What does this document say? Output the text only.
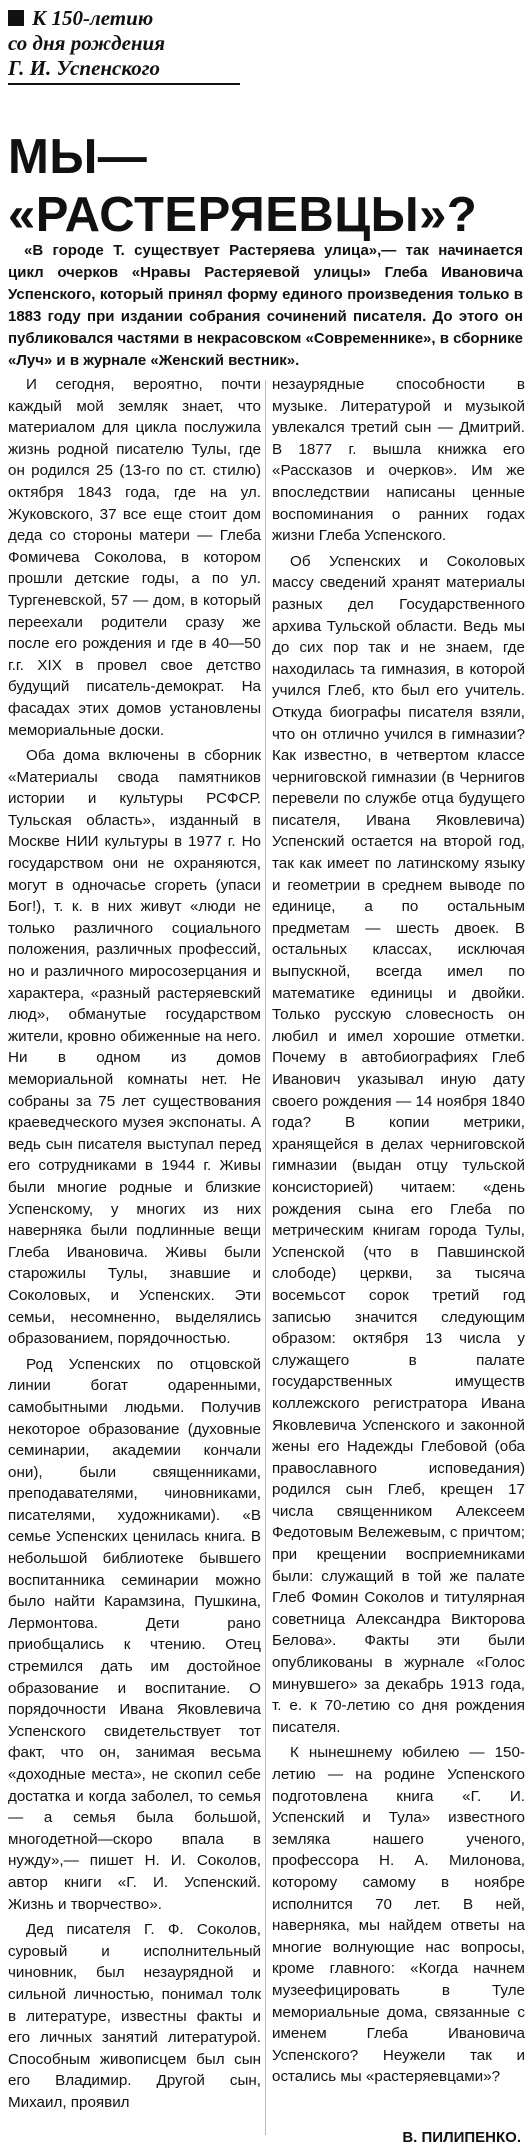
К 150-летию
со дня рождения
Г. И. Успенского
МЫ—
«РАСТЕРЯЕВЦЫ»?

«В городе Т. существует Растеряева улица»,— так начинается цикл очерков «Нравы Растеряевой улицы» Глеба Ивановича Успенского, который принял форму единого произведения только в 1883 году при издании собрания сочинений писателя. До этого он публиковался частями в некрасовском «Современнике», в сборнике «Луч» и в журнале «Женский вестник».

И сегодня, вероятно, почти каждый мой земляк знает, что материалом для цикла послужила жизнь родной писателю Тулы, где он родился 25 (13-го по ст. стилю) октября 1843 года, где на ул. Жуковского, 37 все еще стоит дом деда со стороны матери — Глеба Фомичева Соколова, в котором прошли детские годы, а по ул. Тургеневской, 57 — дом, в который переехали родители сразу же после его рождения и где в 40—50 г.г. XIX в провел свое детство будущий писатель-демократ. На фасадах этих домов установлены мемориальные доски.

Оба дома включены в сборник «Материалы свода памятников истории и культуры РСФСР. Тульская область», изданный в Москве НИИ культуры в 1977 г. Но государством они не охраняются, могут в одночасье сгореть (упаси Бог!), т. к. в них живут «люди не только различного социального положения, различных профессий, но и различного миросозерцания и характера, «разный растеряевский люд», обманутые государством жители, кровно обиженные на него. Ни в одном из домов мемориальной комнаты нет. Не собраны за 75 лет существования краеведческого музея экспонаты. А ведь сын писателя выступал перед его сотрудниками в 1944 г. Живы были многие родные и близкие Успенскому, у многих из них наверняка были подлинные вещи Глеба Ивановича. Живы были старожилы Тулы, знавшие и Соколовых, и Успенских. Эти семьи, несомненно, выделялись образованием, порядочностью.

Род Успенских по отцовской линии богат одаренными, самобытными людьми. Получив некоторое образование (духовные семинарии, академии кончали они), были священниками, преподавателями, чиновниками, писателями, художниками). «В семье Успенских ценилась книга. В небольшой библиотеке бывшего воспитанника семинарии можно было найти Карамзина, Пушкина, Лермонтова. Дети рано приобщались к чтению. Отец стремился дать им достойное образование и воспитание. О порядочности Ивана Яковлевича Успенского свидетельствует тот факт, что он, занимая весьма «доходные места», не скопил себе достатка и когда заболел, то семья — а семья была большой, многодетной—скоро впала в нужду»,— пишет Н. И. Соколов, автор книги «Г. И. Успенский. Жизнь и творчество».

Дед писателя Г. Ф. Соколов, суровый и исполнительный чиновник, был незаурядной и сильной личностью, понимал толк в литературе, известны факты и его личных занятий литературой. Способным живописцем был сын его Владимир. Другой сын, Михаил, проявил

незаурядные способности в музыке. Литературой и музыкой увлекался третий сын — Дмитрий. В 1877 г. вышла книжка его «Рассказов и очерков». Им же впоследствии написаны ценные воспоминания о ранних годах жизни Глеба Успенского.

Об Успенских и Соколовых массу сведений хранят материалы разных дел Государственного архива Тульской области. Ведь мы до сих пор так и не знаем, где находилась та гимназия, в которой учился Глеб, кто был его учитель. Откуда биографы писателя взяли, что он отлично учился в гимназии? Как известно, в четвертом классе черниговской гимназии (в Чернигов перевели по службе отца будущего писателя, Ивана Яковлевича) Успенский остается на второй год, так как имеет по латинскому языку и геометрии в среднем выводе по единице, а по остальным предметам — шесть двоек. В остальных классах, исключая выпускной, всегда имел по математике единицы и двойки. Только русскую словесность он любил и имел хорошие отметки. Почему в автобиографиях Глеб Иванович указывал иную дату своего рождения — 14 ноября 1840 года? В копии метрики, хранящейся в делах черниговской гимназии (выдан отцу тульской консисторией) читаем: «день рождения сына его Глеба по метрическим книгам города Тулы, Успенской (что в Павшинской слободе) церкви, за тысяча восемьсот сорок третий год записью значится следующим образом: октября 13 числа у служащего в палате государственных имуществ коллежского регистратора Ивана Яковлевича Успенского и законной жены его Надежды Глебовой (оба православного исповедания) родился сын Глеб, крещен 17 числа священником Алексеем Федотовым Вележевым, с причтом; при крещении восприемниками были: служащий в той же палате Глеб Фомин Соколов и титулярная советница Александра Викторова Белова». Факты эти были опубликованы в журнале «Голос минувшего» за декабрь 1913 года, т. е. к 70-летию со дня рождения писателя.

К нынешнему юбилею — 150-летию — на родине Успенского подготовлена книга «Г. И. Успенский и Тула» известного земляка нашего ученого, профессора Н. А. Милонова, которому самому в ноябре исполнится 70 лет. В ней, наверняка, мы найдем ответы на многие волнующие нас вопросы, кроме главного: «Когда начнем музеефицировать в Туле мемориальные дома, связанные с именем Глеба Ивановича Успенского? Неужели так и остались мы «растеряевцами»?

В. ПИЛИПЕНКО.
